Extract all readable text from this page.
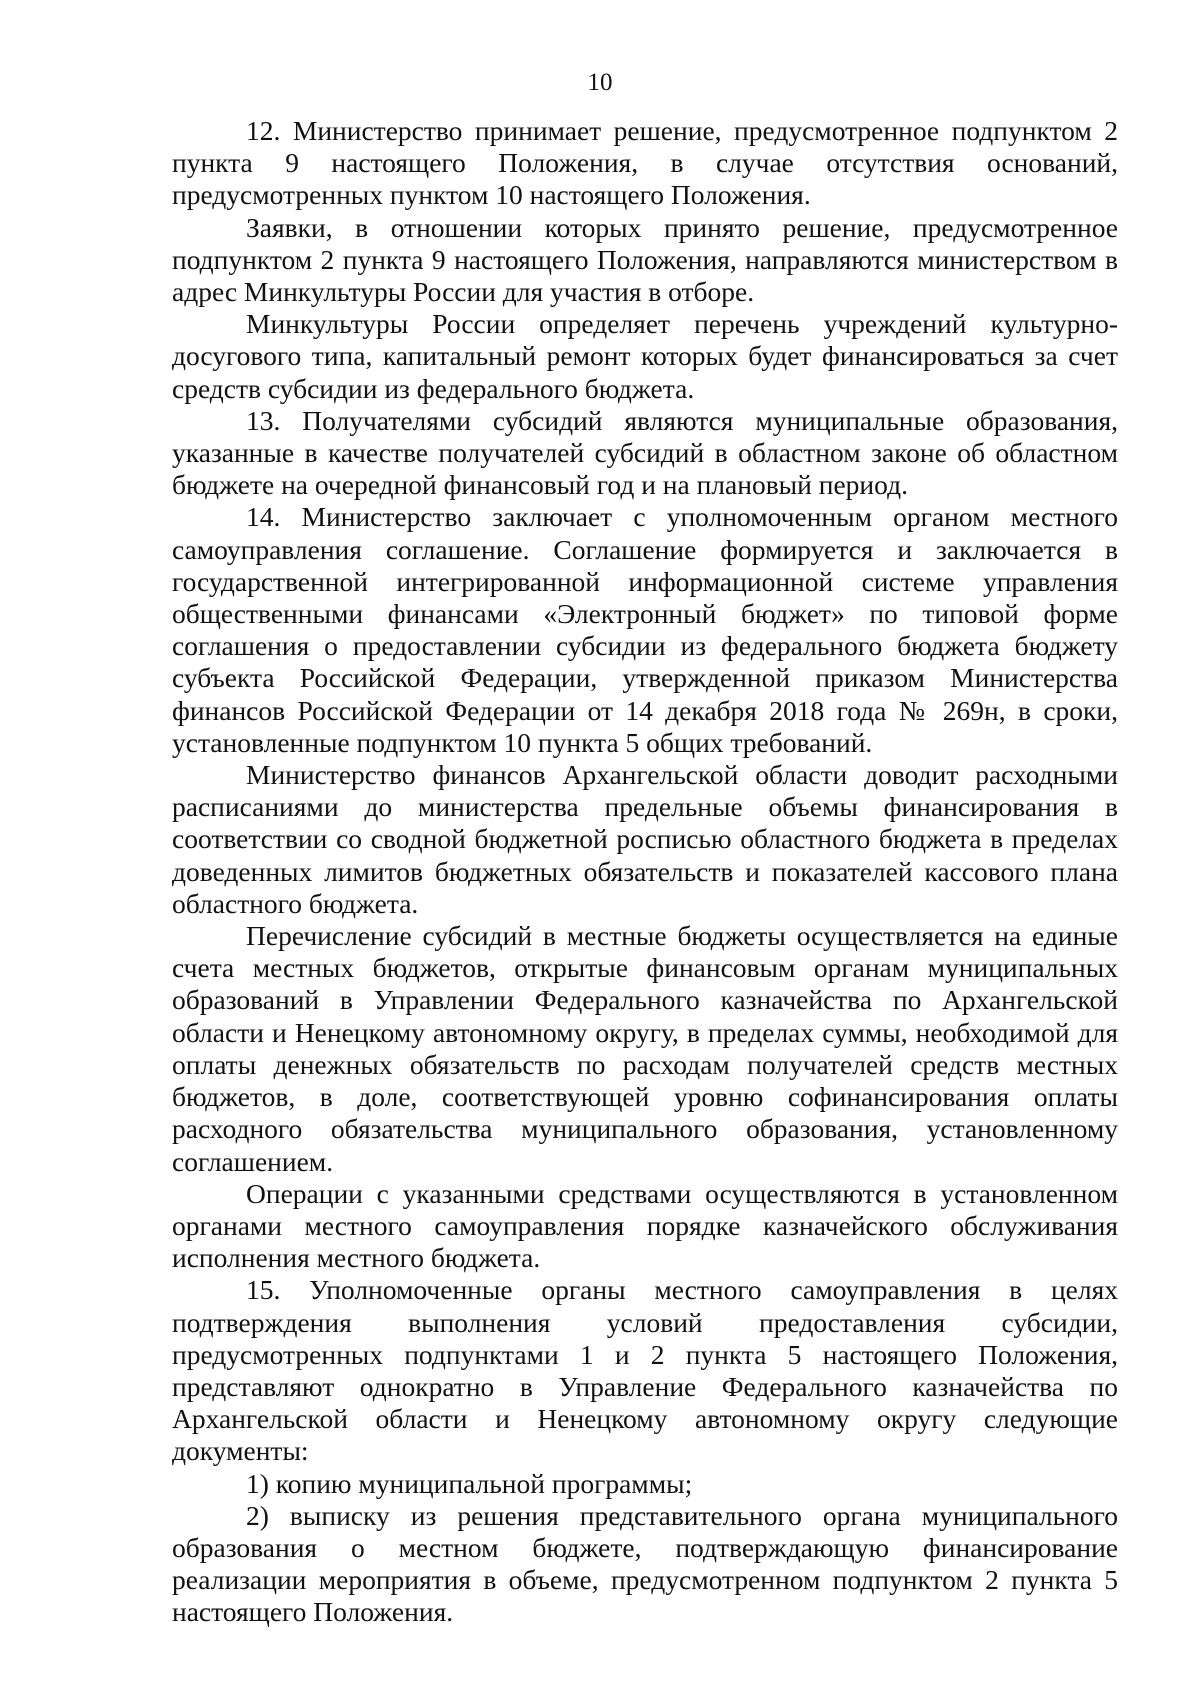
10

12. Министерство принимает решение, предусмотренное подпунктом 2 пункта 9 настоящего Положения, в случае отсутствия оснований, предусмотренных пунктом 10 настоящего Положения.

Заявки, в отношении которых принято решение, предусмотренное подпунктом 2 пункта 9 настоящего Положения, направляются министерством в адрес Минкультуры России для участия в отборе.

Минкультуры России определяет перечень учреждений культурно-досугового типа, капитальный ремонт которых будет финансироваться за счет средств субсидии из федерального бюджета.

13. Получателями субсидий являются муниципальные образования, указанные в качестве получателей субсидий в областном законе об областном бюджете на очередной финансовый год и на плановый период.

14. Министерство заключает с уполномоченным органом местного самоуправления соглашение. Соглашение формируется и заключается в государственной интегрированной информационной системе управления общественными финансами «Электронный бюджет» по типовой форме соглашения о предоставлении субсидии из федерального бюджета бюджету субъекта Российской Федерации, утвержденной приказом Министерства финансов Российской Федерации от 14 декабря 2018 года № 269н, в сроки, установленные подпунктом 10 пункта 5 общих требований.

Министерство финансов Архангельской области доводит расходными расписаниями до министерства предельные объемы финансирования в соответствии со сводной бюджетной росписью областного бюджета в пределах доведенных лимитов бюджетных обязательств и показателей кассового плана областного бюджета.

Перечисление субсидий в местные бюджеты осуществляется на единые счета местных бюджетов, открытые финансовым органам муниципальных образований в Управлении Федерального казначейства по Архангельской области и Ненецкому автономному округу, в пределах суммы, необходимой для оплаты денежных обязательств по расходам получателей средств местных бюджетов, в доле, соответствующей уровню софинансирования оплаты расходного обязательства муниципального образования, установленному соглашением.

Операции с указанными средствами осуществляются в установленном органами местного самоуправления порядке казначейского обслуживания исполнения местного бюджета.

15. Уполномоченные органы местного самоуправления в целях подтверждения выполнения условий предоставления субсидии, предусмотренных подпунктами 1 и 2 пункта 5 настоящего Положения, представляют однократно в Управление Федерального казначейства по Архангельской области и Ненецкому автономному округу следующие документы:

1) копию муниципальной программы;

2) выписку из решения представительного органа муниципального образования о местном бюджете, подтверждающую финансирование реализации мероприятия в объеме, предусмотренном подпунктом 2 пункта 5 настоящего Положения.
